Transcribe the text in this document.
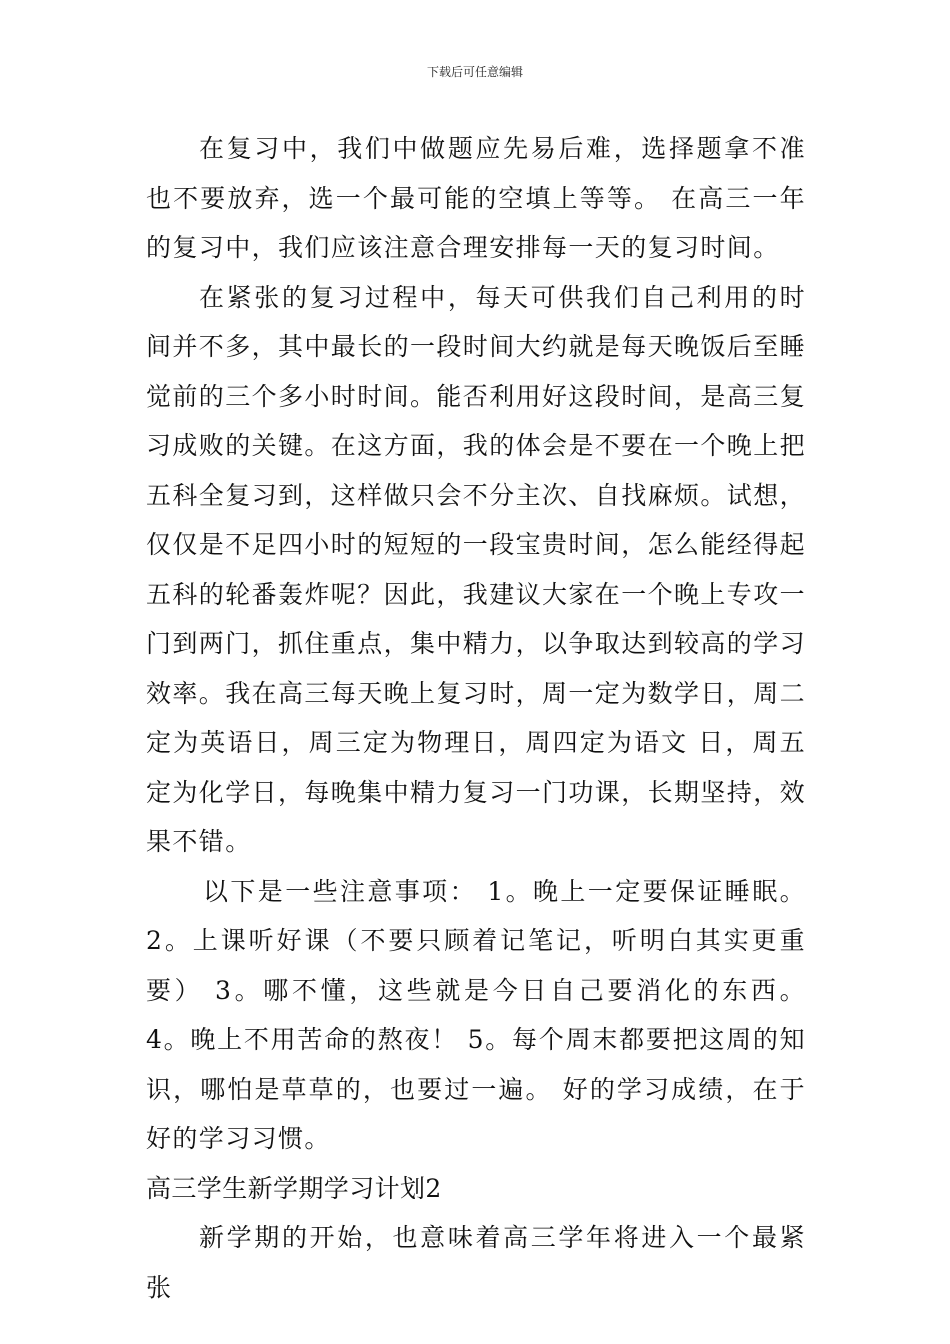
下载后可任意编辑

在复习中，我们中做题应先易后难，选择题拿不准也不要放弃，选一个最可能的空填上等等。 在高三一年的复习中，我们应该注意合理安排每一天的复习时间。

在紧张的复习过程中，每天可供我们自己利用的时间并不多，其中最长的一段时间大约就是每天晚饭后至睡觉前的三个多小时时间。能否利用好这段时间，是高三复习成败的关键。在这方面，我的体会是不要在一个晚上把五科全复习到，这样做只会不分主次、自找麻烦。试想，仅仅是不足四小时的短短的一段宝贵时间，怎么能经得起五科的轮番轰炸呢？因此，我建议大家在一个晚上专攻一门到两门，抓住重点，集中精力，以争取达到较高的学习效率。我在高三每天晚上复习时，周一定为数学日，周二定为英语日，周三定为物理日，周四定为语文 日，周五定为化学日，每晚集中精力复习一门功课，长期坚持，效果不错。

以下是一些注意事项： 1。晚上一定要保证睡眠。 2。上课听好课（不要只顾着记笔记，听明白其实更重要） 3。哪不懂，这些就是今日自己要消化的东西。 4。晚上不用苦命的熬夜！ 5。每个周末都要把这周的知识，哪怕是草草的，也要过一遍。 好的学习成绩，在于好的学习习惯。

高三学生新学期学习计划2

新学期的开始，也意味着高三学年将进入一个最紧张
